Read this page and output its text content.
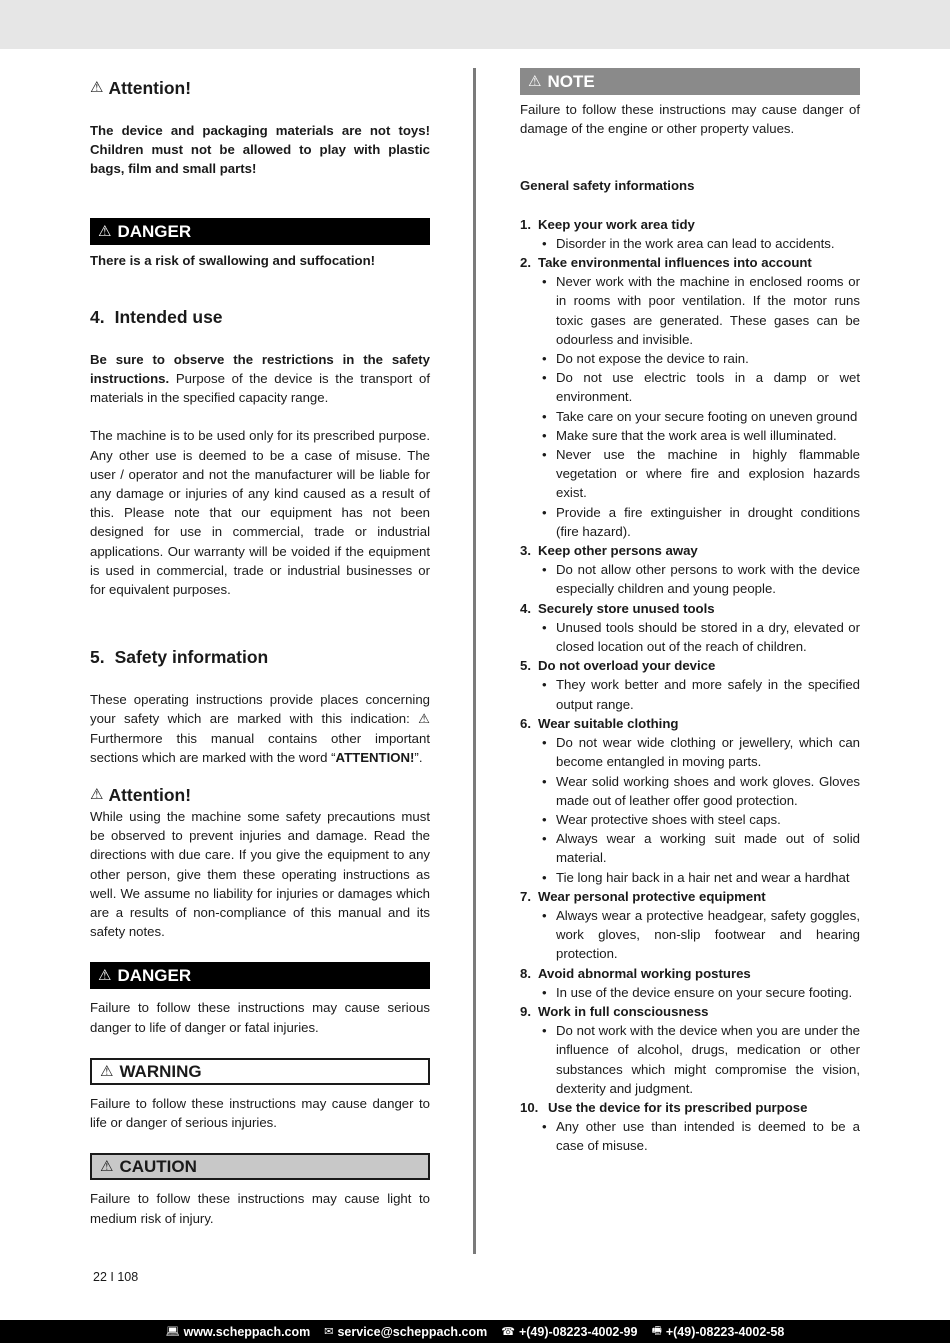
⚠ Attention!

The device and packaging materials are not toys! Children must not be allowed to play with plastic bags, film and small parts!

⚠ DANGER

There is a risk of swallowing and suffocation!

4. Intended use

Be sure to observe the restrictions in the safety instructions. Purpose of the device is the transport of materials in the specified capacity range.

The machine is to be used only for its prescribed purpose. Any other use is deemed to be a case of misuse. The user / operator and not the manufacturer will be liable for any damage or injuries of any kind caused as a result of this. Please note that our equipment has not been designed for use in commercial, trade or industrial applications. Our warranty will be voided if the equipment is used in commercial, trade or industrial businesses or for equivalent purposes.

5. Safety information

These operating instructions provide places concerning your safety which are marked with this indication: ⚠ Furthermore this manual contains other important sections which are marked with the word “ATTENTION!”.

⚠ Attention!

While using the machine some safety precautions must be observed to prevent injuries and damage. Read the directions with due care. If you give the equipment to any other person, give them these operating instructions as well. We assume no liability for injuries or damages which are a results of non-compliance of this manual and its safety notes.

⚠ DANGER

Failure to follow these instructions may cause serious danger to life of danger or fatal injuries.

⚠ WARNING

Failure to follow these instructions may cause danger to life or danger of serious injuries.

⚠ CAUTION

Failure to follow these instructions may cause light to medium risk of injury.

⚠ NOTE

Failure to follow these instructions may cause danger of damage of the engine or other property values.

General safety informations

1. Keep your work area tidy
• Disorder in the work area can lead to accidents.
2. Take environmental influences into account
• Never work with the machine in enclosed rooms or in rooms with poor ventilation. If the motor runs toxic gases are generated. These gases can be odourless and invisible.
• Do not expose the device to rain.
• Do not use electric tools in a damp or wet environment.
• Take care on your secure footing on uneven ground
• Make sure that the work area is well illuminated.
• Never use the machine in highly flammable vegetation or where fire and explosion hazards exist.
• Provide a fire extinguisher in drought conditions (fire hazard).
3. Keep other persons away
• Do not allow other persons to work with the device especially children and young people.
4. Securely store unused tools
• Unused tools should be stored in a dry, elevated or closed location out of the reach of children.
5. Do not overload your device
• They work better and more safely in the specified output range.
6. Wear suitable clothing
• Do not wear wide clothing or jewellery, which can become entangled in moving parts.
• Wear solid working shoes and work gloves. Gloves made out of leather offer good protection.
• Wear protective shoes with steel caps.
• Always wear a working suit made out of solid material.
• Tie long hair back in a hair net and wear a hardhat
7. Wear personal protective equipment
• Always wear a protective headgear, safety goggles, work gloves, non-slip footwear and hearing protection.
8. Avoid abnormal working postures
• In use of the device ensure on your secure footing.
9. Work in full consciousness
• Do not work with the device when you are under the influence of alcohol, drugs, medication or other substances which might compromise the vision, dexterity and judgment.
10. Use the device for its prescribed purpose
• Any other use than intended is deemed to be a case of misuse.
22 I 108
💻︎ www.scheppach.com ✉ service@scheppach.com ☎ +(49)-08223-4002-99 🖷︎ +(49)-08223-4002-58
